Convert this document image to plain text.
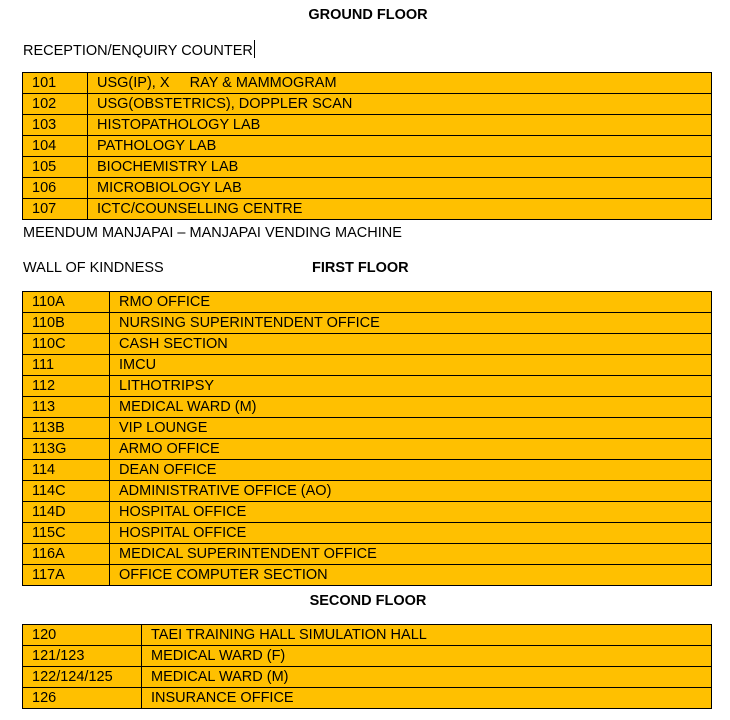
GROUND FLOOR
RECEPTION/ENQUIRY COUNTER
101	USG(IP), X     RAY & MAMMOGRAM
102	USG(OBSTETRICS), DOPPLER SCAN
103	HISTOPATHOLOGY LAB
104	PATHOLOGY LAB
105	BIOCHEMISTRY LAB
106	MICROBIOLOGY LAB
107	ICTC/COUNSELLING CENTRE
MEENDUM MANJAPAI – MANJAPAI VENDING MACHINE
WALL OF KINDNESS	FIRST FLOOR
110A	RMO OFFICE
110B	NURSING SUPERINTENDENT OFFICE
110C	CASH SECTION
111	IMCU
112	LITHOTRIPSY
113	MEDICAL WARD (M)
113B	VIP LOUNGE
113G	ARMO OFFICE
114	DEAN OFFICE
114C	ADMINISTRATIVE OFFICE (AO)
114D	HOSPITAL OFFICE
115C	HOSPITAL OFFICE
116A	MEDICAL SUPERINTENDENT OFFICE
117A	OFFICE COMPUTER SECTION
SECOND FLOOR
120	TAEI TRAINING HALL SIMULATION HALL
121/123	MEDICAL WARD (F)
122/124/125	MEDICAL WARD (M)
126	INSURANCE OFFICE
